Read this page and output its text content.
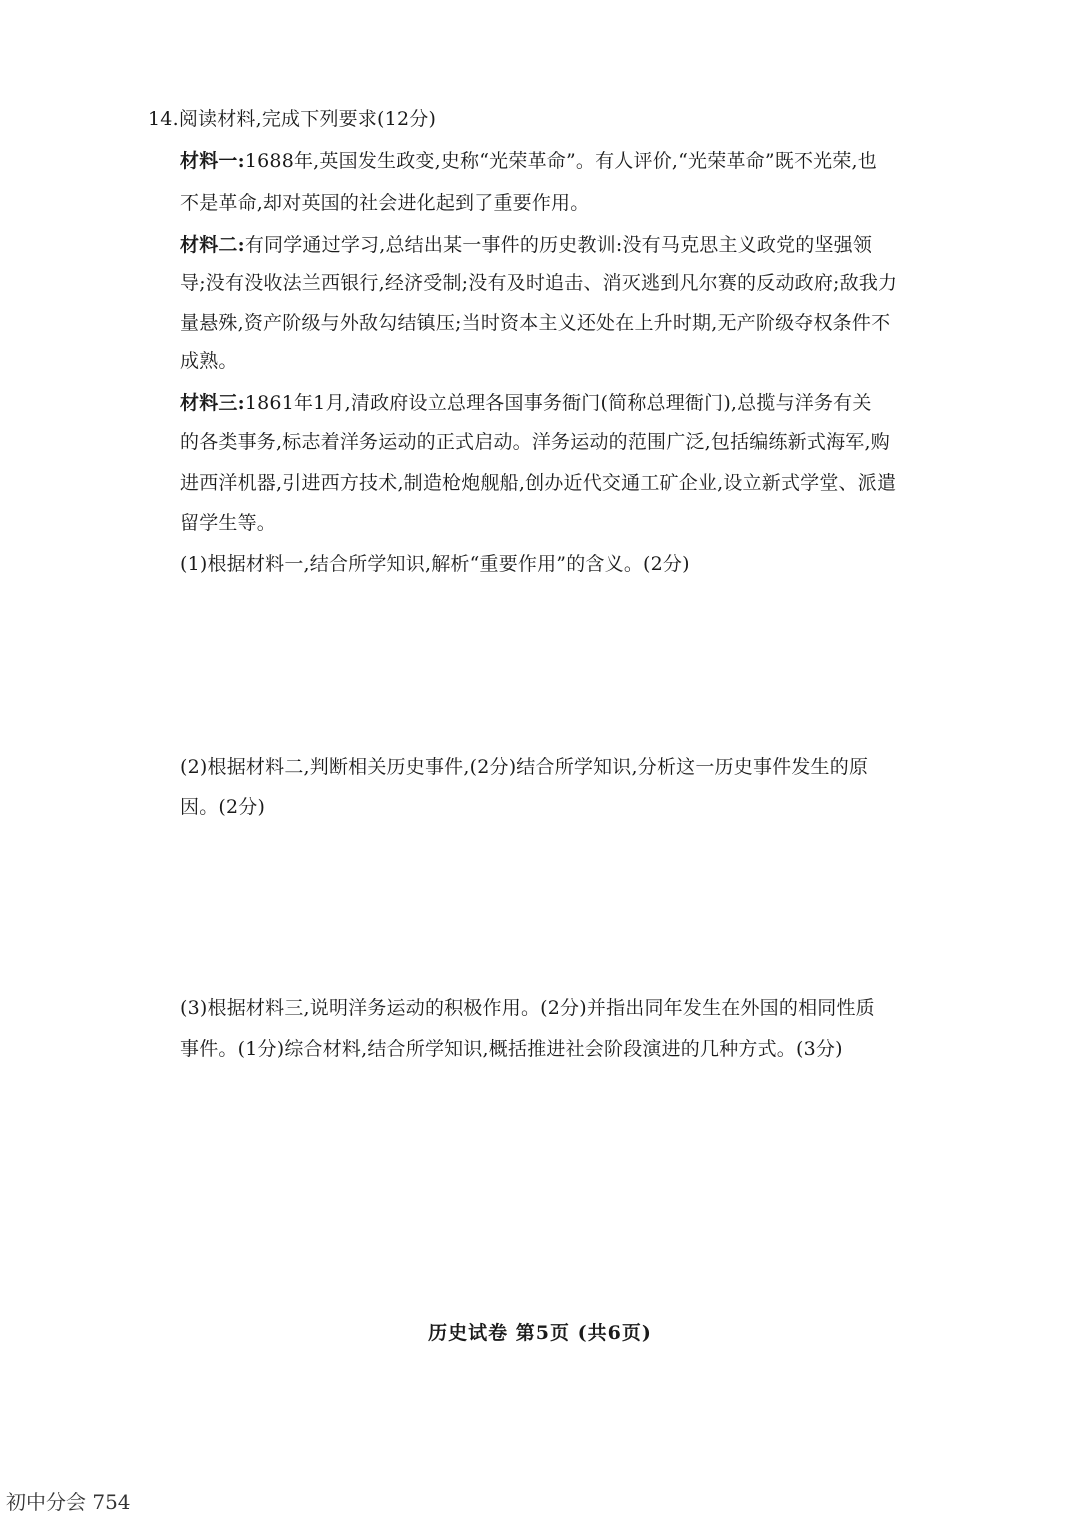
14.阅读材料,完成下列要求(12分)
材料一:1688年,英国发生政变,史称“光荣革命”。有人评价,“光荣革命”既不光荣,也
不是革命,却对英国的社会进化起到了重要作用。
材料二:有同学通过学习,总结出某一事件的历史教训:没有马克思主义政党的坚强领
导;没有没收法兰西银行,经济受制;没有及时追击、消灭逃到凡尔赛的反动政府;敌我力
量悬殊,资产阶级与外敌勾结镇压;当时资本主义还处在上升时期,无产阶级夺权条件不
成熟。
材料三:1861年1月,清政府设立总理各国事务衙门(简称总理衙门),总揽与洋务有关
的各类事务,标志着洋务运动的正式启动。洋务运动的范围广泛,包括编练新式海军,购
进西洋机器,引进西方技术,制造枪炮舰船,创办近代交通工矿企业,设立新式学堂、派遣
留学生等。
(1)根据材料一,结合所学知识,解析“重要作用”的含义。(2分)
(2)根据材料二,判断相关历史事件,(2分)结合所学知识,分析这一历史事件发生的原
因。(2分)
(3)根据材料三,说明洋务运动的积极作用。(2分)并指出同年发生在外国的相同性质
事件。(1分)综合材料,结合所学知识,概括推进社会阶段演进的几种方式。(3分)
历史试卷 第5页 (共6页)
初中分会 754
